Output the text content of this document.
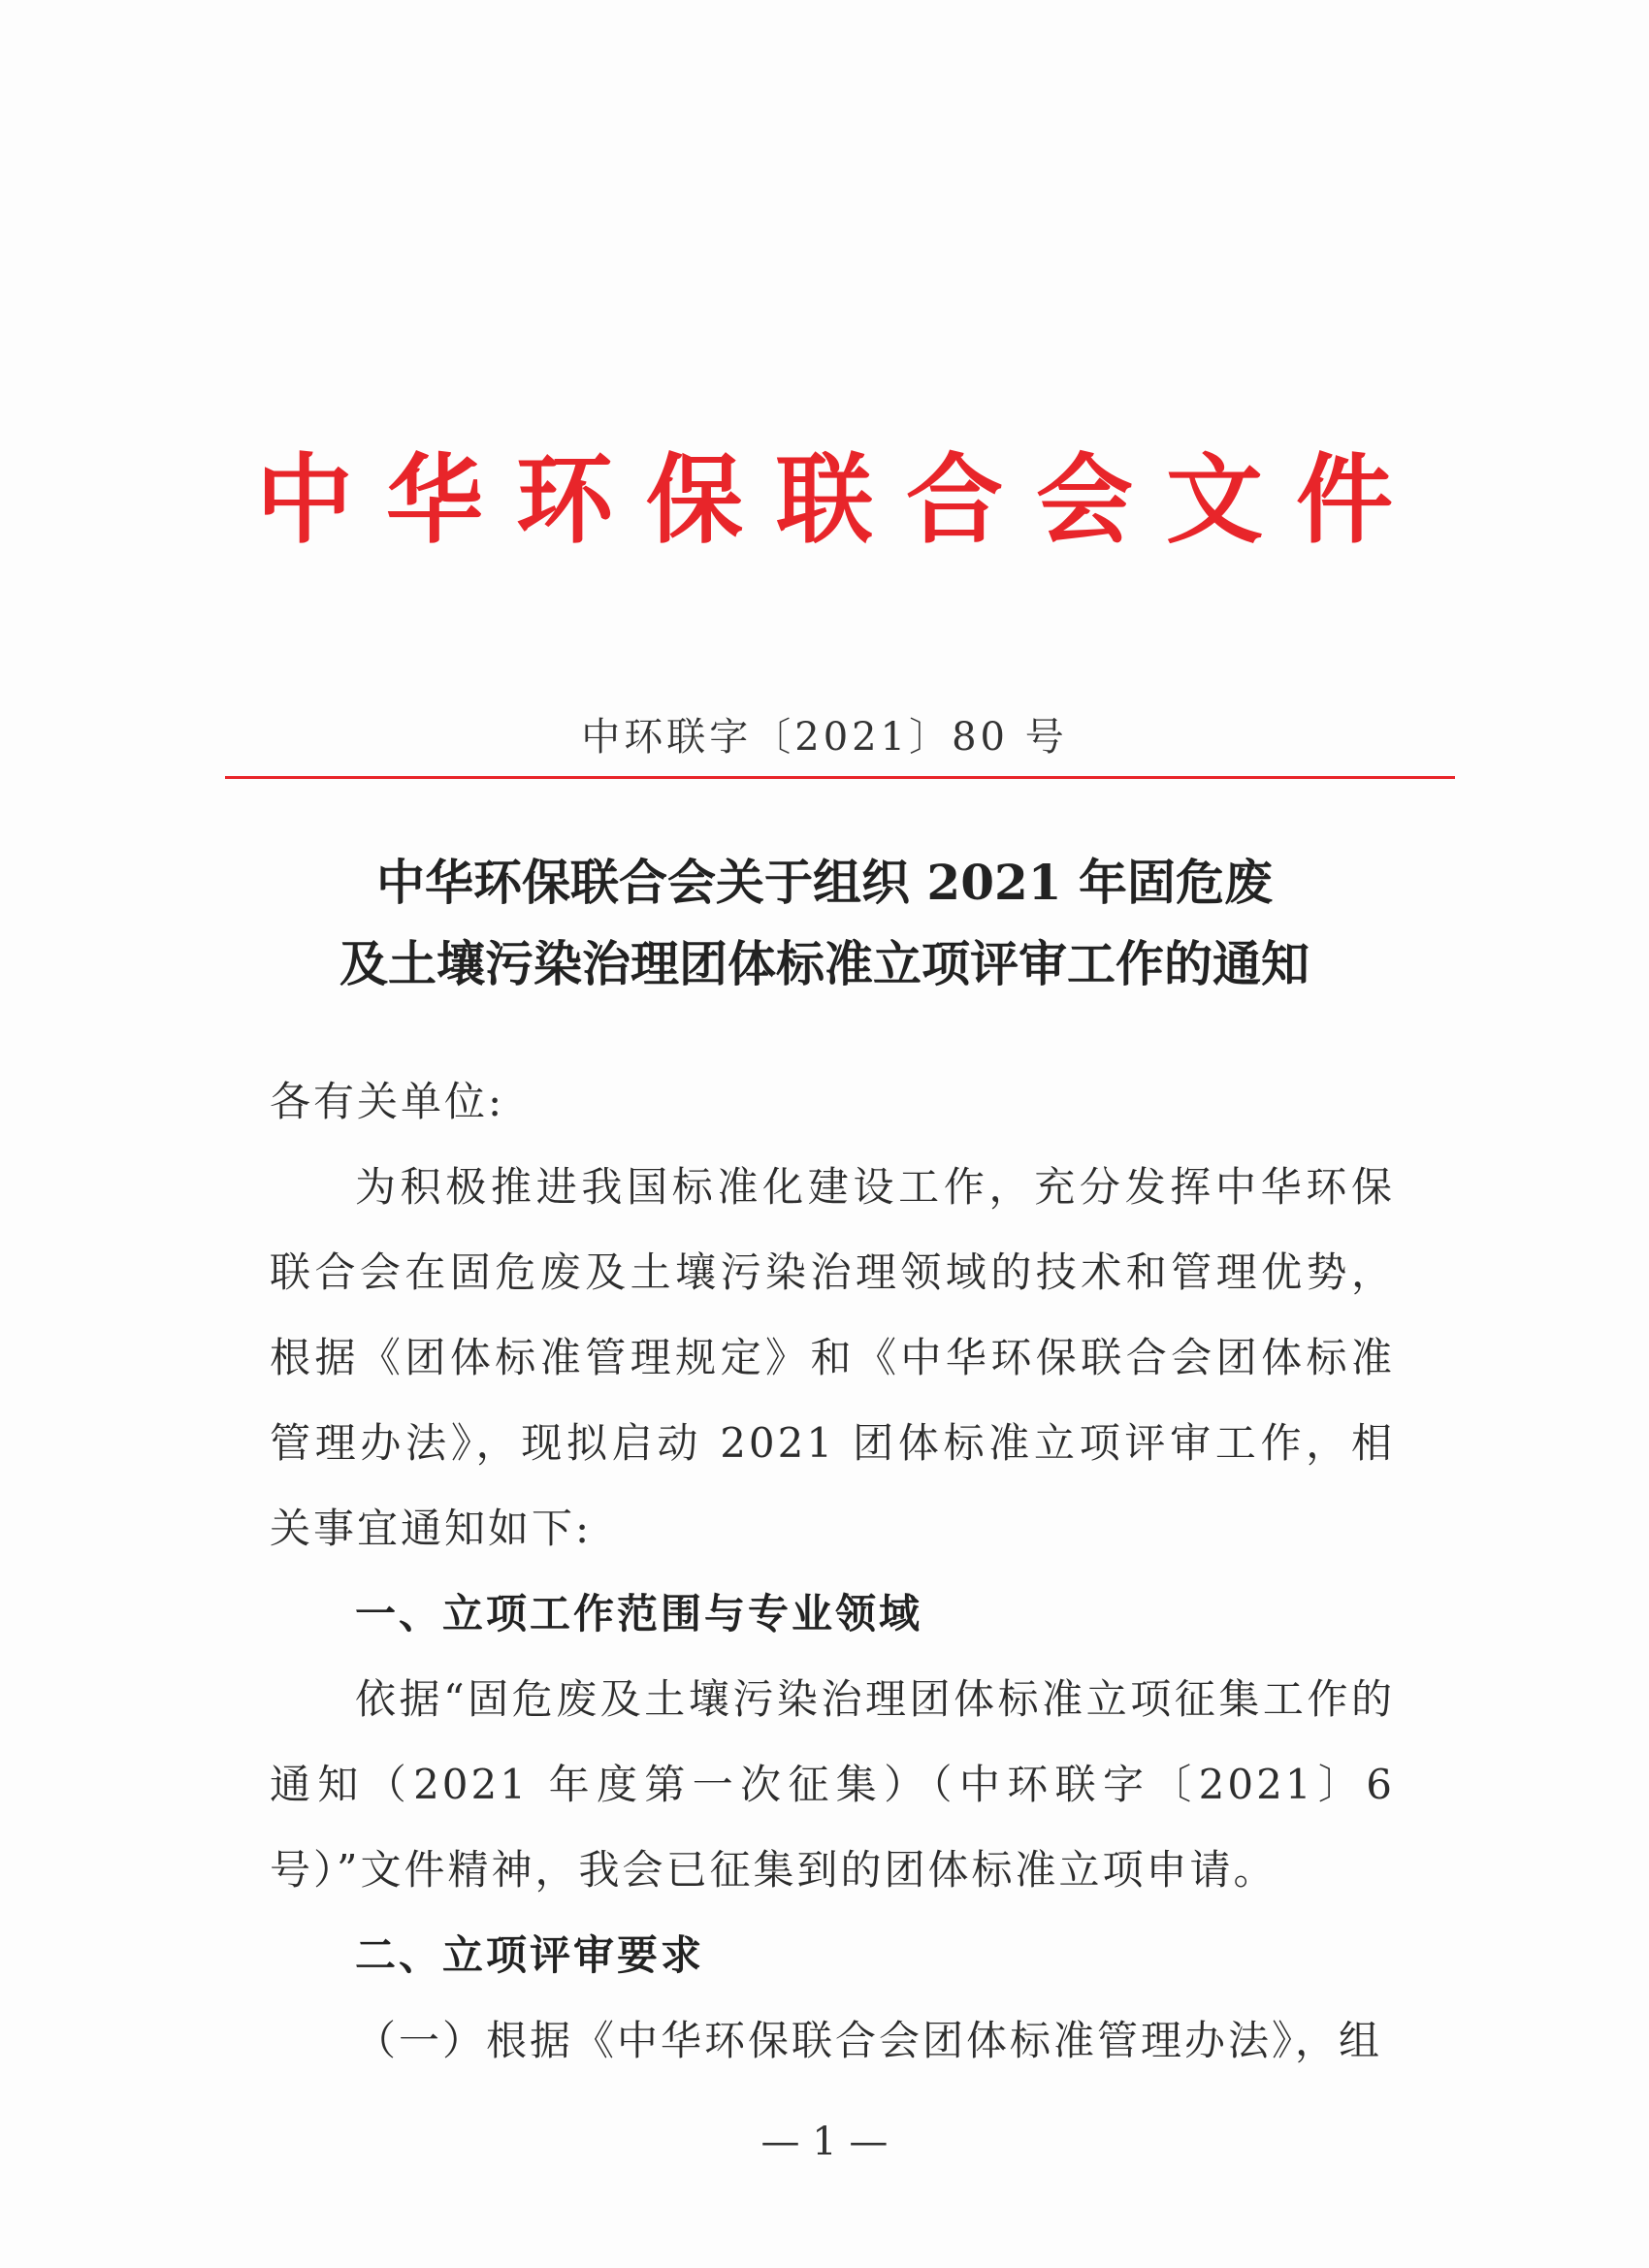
中华环保联合会文件
中环联字〔2021〕80 号
中华环保联合会关于组织 2021 年固危废
及土壤污染治理团体标准立项评审工作的通知

各有关单位:

为积极推进我国标准化建设工作，充分发挥中华环保联合会在固危废及土壤污染治理领域的技术和管理优势，根据《团体标准管理规定》和《中华环保联合会团体标准管理办法》，现拟启动 2021 团体标准立项评审工作，相关事宜通知如下:

一、立项工作范围与专业领域

依据“固危废及土壤污染治理团体标准立项征集工作的通知（2021 年度第一次征集）（中环联字〔2021〕6 号）”文件精神，我会已征集到的团体标准立项申请。

二、立项评审要求

（一）根据《中华环保联合会团体标准管理办法》，组

— 1 —
